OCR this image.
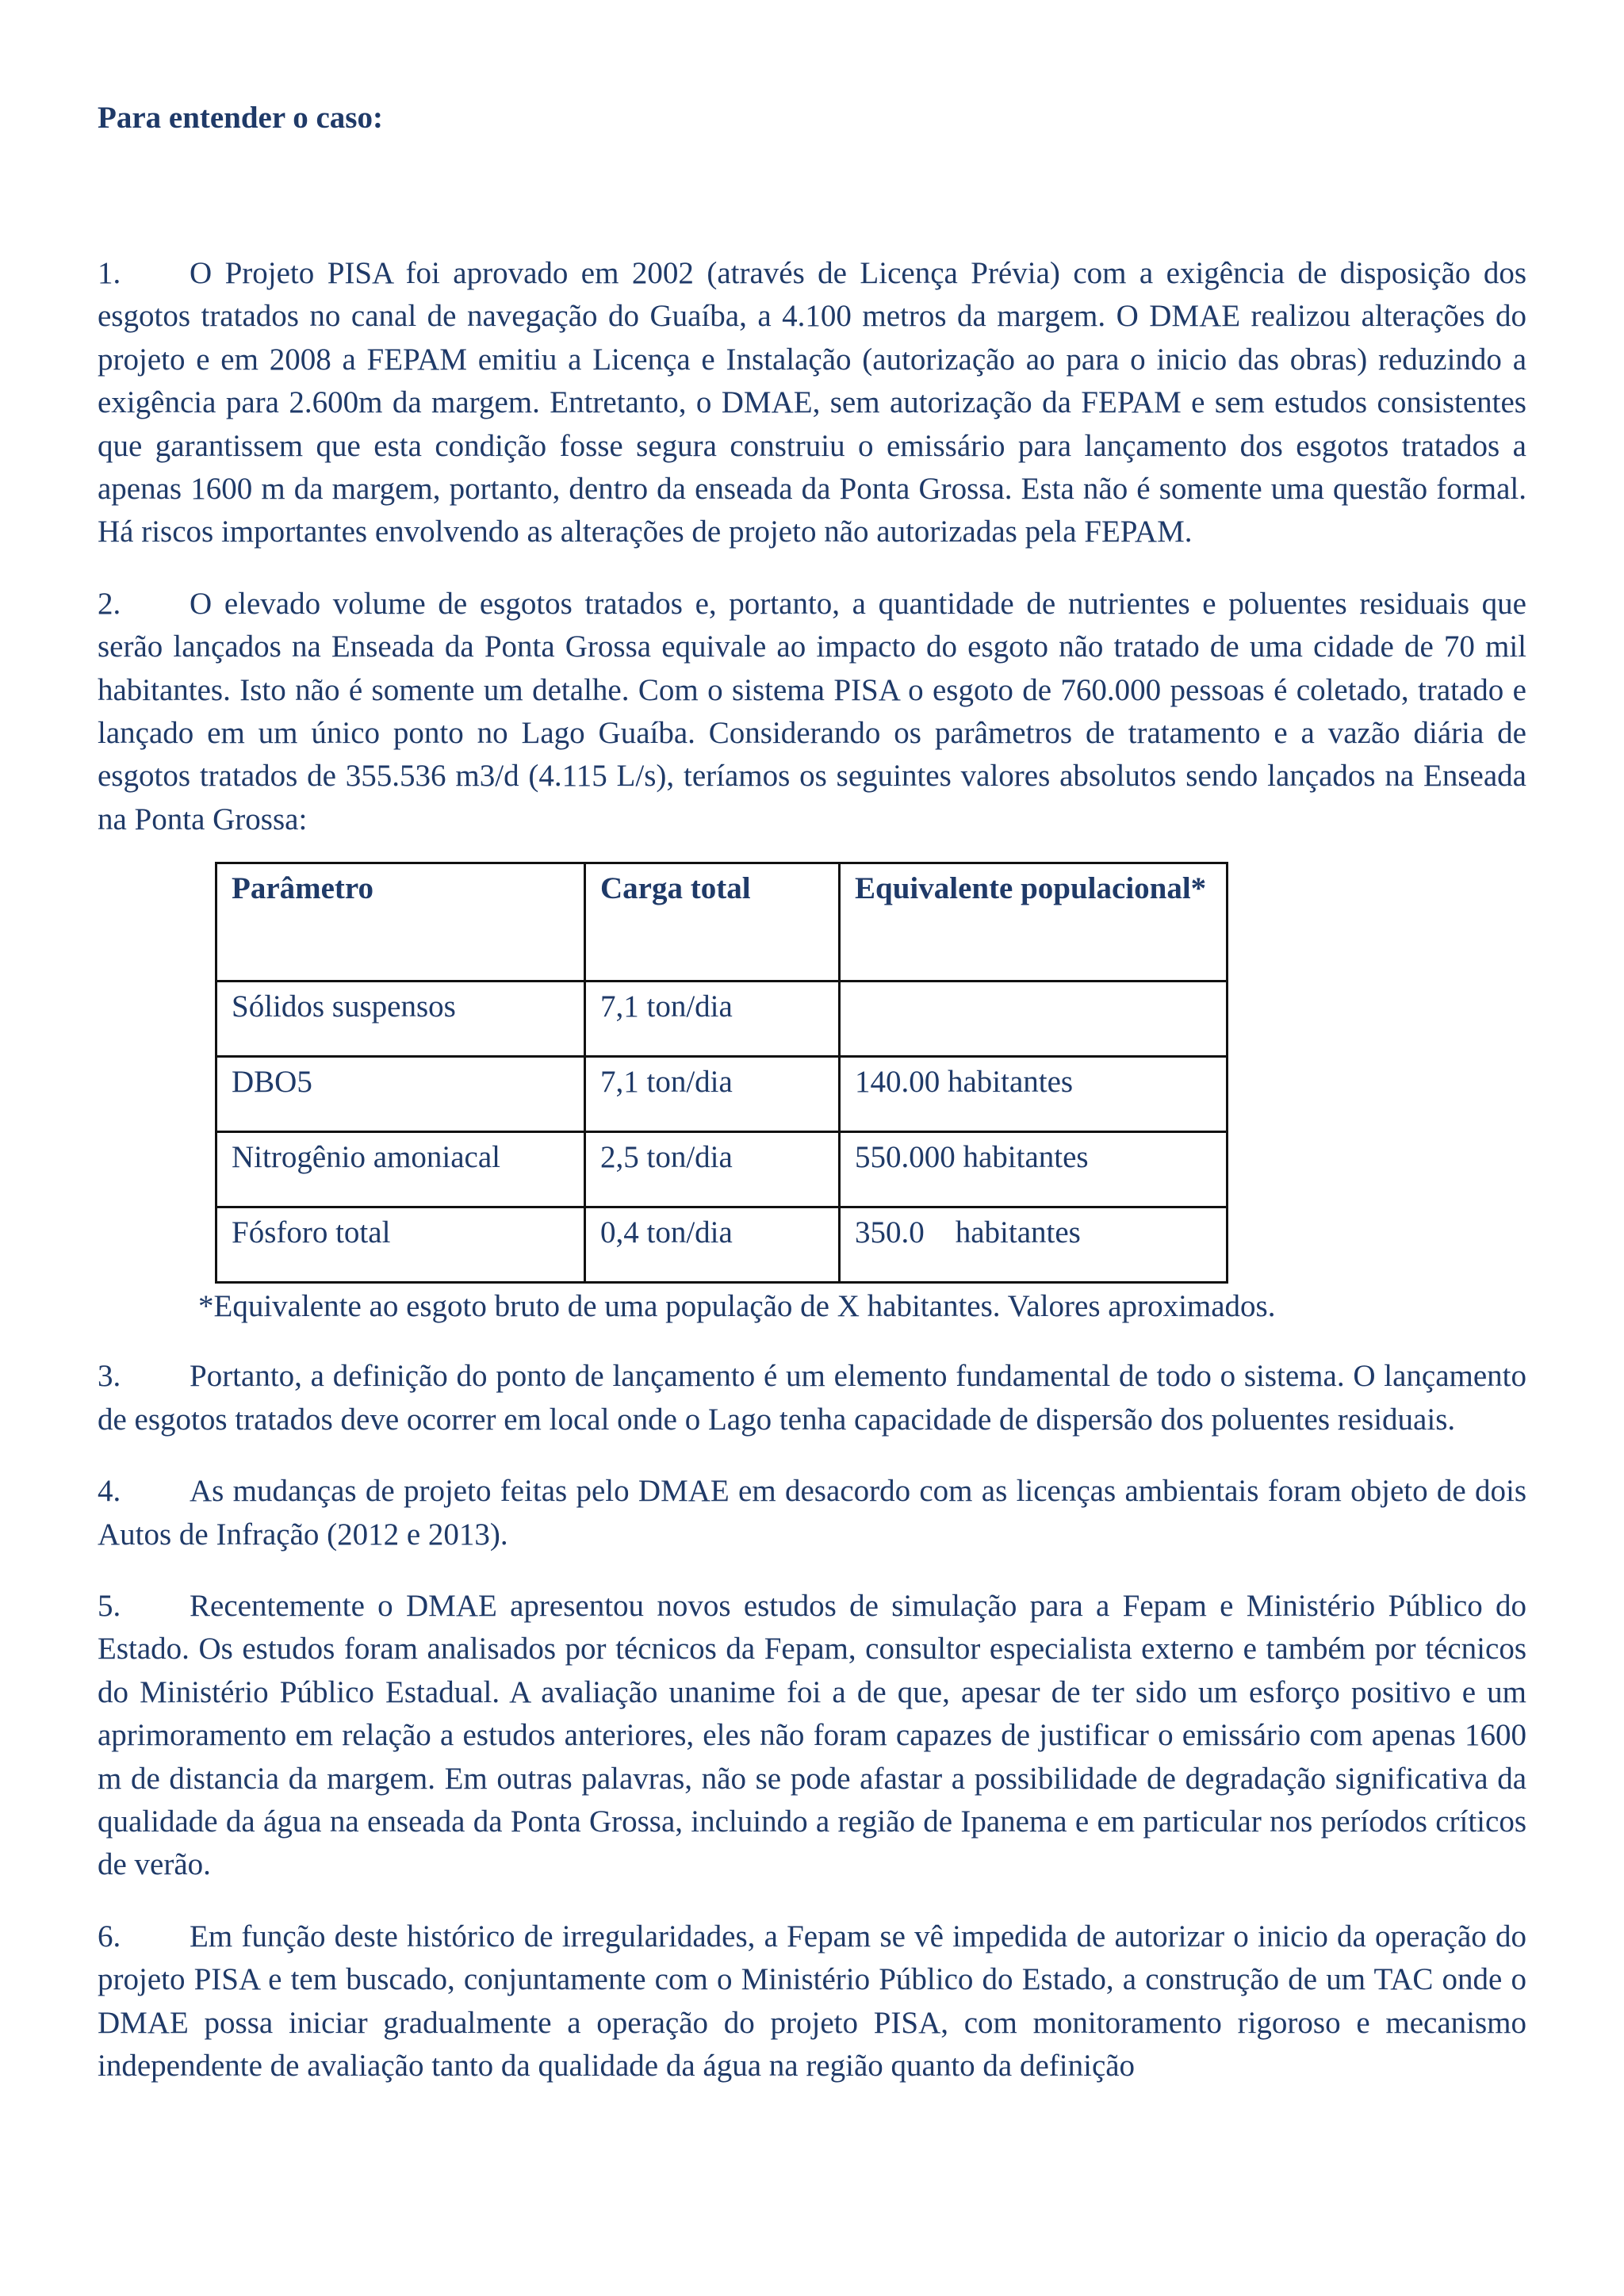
Para entender o caso:

1. O Projeto PISA foi aprovado em 2002 (através de Licença Prévia) com a exigência de disposição dos esgotos tratados no canal de navegação do Guaíba, a 4.100 metros da margem. O DMAE realizou alterações do projeto e em 2008 a FEPAM emitiu a Licença e Instalação (autorização ao para o inicio das obras) reduzindo a exigência para 2.600m da margem. Entretanto, o DMAE, sem autorização da FEPAM e sem estudos consistentes que garantissem que esta condição fosse segura construiu o emissário para lançamento dos esgotos tratados a apenas 1600 m da margem, portanto, dentro da enseada da Ponta Grossa. Esta não é somente uma questão formal. Há riscos importantes envolvendo as alterações de projeto não autorizadas pela FEPAM.

2. O elevado volume de esgotos tratados e, portanto, a quantidade de nutrientes e poluentes residuais que serão lançados na Enseada da Ponta Grossa equivale ao impacto do esgoto não tratado de uma cidade de 70 mil habitantes. Isto não é somente um detalhe. Com o sistema PISA o esgoto de 760.000 pessoas é coletado, tratado e lançado em um único ponto no Lago Guaíba. Considerando os parâmetros de tratamento e a vazão diária de esgotos tratados de 355.536 m3/d (4.115 L/s), teríamos os seguintes valores absolutos sendo lançados na Enseada na Ponta Grossa:

Parâmetro	Carga total	Equivalente populacional*
Sólidos suspensos	7,1 ton/dia	
DBO5	7,1 ton/dia	140.00 habitantes
Nitrogênio amoniacal	2,5 ton/dia	550.000 habitantes
Fósforo total	0,4 ton/dia	350.0    habitantes
*Equivalente ao esgoto bruto de uma população de X habitantes. Valores aproximados.

3. Portanto, a definição do ponto de lançamento é um elemento fundamental de todo o sistema. O lançamento de esgotos tratados deve ocorrer em local onde o Lago tenha capacidade de dispersão dos poluentes residuais.

4. As mudanças de projeto feitas pelo DMAE em desacordo com as licenças ambientais foram objeto de dois Autos de Infração (2012 e 2013).

5. Recentemente o DMAE apresentou novos estudos de simulação para a Fepam e Ministério Público do Estado. Os estudos foram analisados por técnicos da Fepam, consultor especialista externo e também por técnicos do Ministério Público Estadual. A avaliação unanime foi a de que, apesar de ter sido um esforço positivo e um aprimoramento em relação a estudos anteriores, eles não foram capazes de justificar o emissário com apenas 1600 m de distancia da margem. Em outras palavras, não se pode afastar a possibilidade de degradação significativa da qualidade da água na enseada da Ponta Grossa, incluindo a região de Ipanema e em particular nos períodos críticos de verão.

6. Em função deste histórico de irregularidades, a Fepam se vê impedida de autorizar o inicio da operação do projeto PISA e tem buscado, conjuntamente com o Ministério Público do Estado, a construção de um TAC onde o DMAE possa iniciar gradualmente a operação do projeto PISA, com monitoramento rigoroso e mecanismo independente de avaliação tanto da qualidade da água na região quanto da definição
